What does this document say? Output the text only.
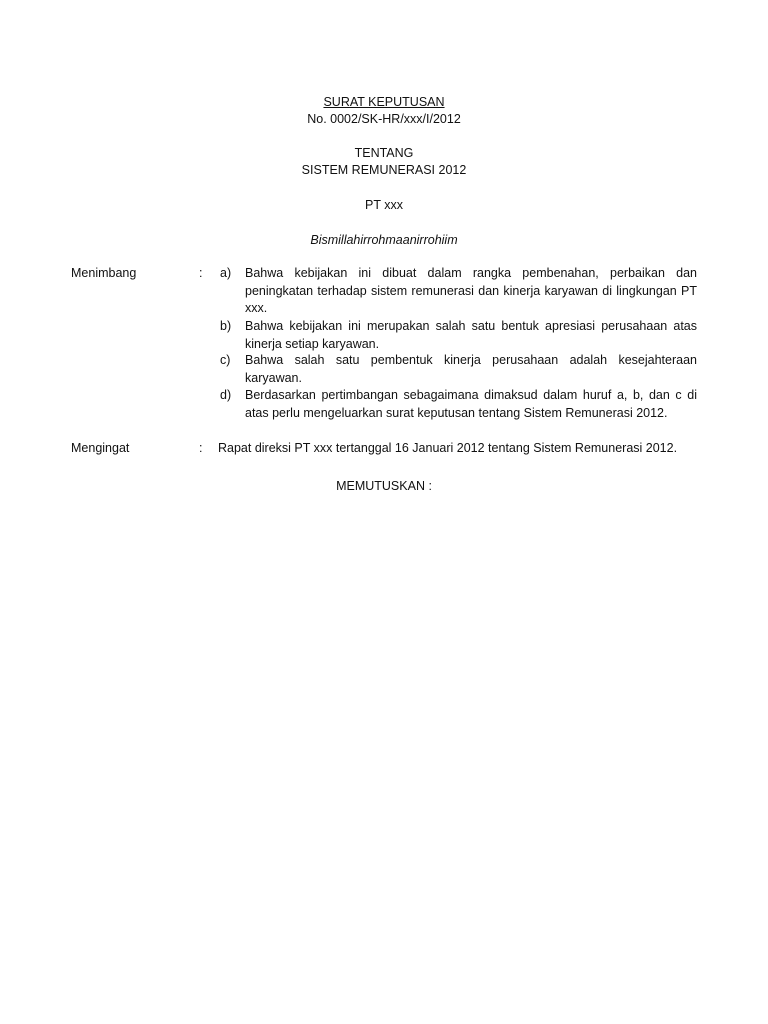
SURAT KEPUTUSAN
No. 0002/SK-HR/xxx/I/2012
TENTANG
SISTEM REMUNERASI 2012
PT xxx
Bismillahirrohmaanirrohiim
Menimbang	: a)	Bahwa kebijakan ini dibuat dalam rangka pembenahan, perbaikan dan peningkatan terhadap sistem remunerasi dan kinerja karyawan di lingkungan PT xxx.
b)	Bahwa kebijakan ini merupakan salah satu bentuk apresiasi perusahaan atas kinerja setiap karyawan.
c)	Bahwa salah satu pembentuk kinerja perusahaan adalah kesejahteraan karyawan.
d)	Berdasarkan pertimbangan sebagaimana dimaksud dalam huruf a, b, dan c di atas perlu mengeluarkan surat keputusan tentang Sistem Remunerasi 2012.
Mengingat	: Rapat direksi PT xxx tertanggal 16 Januari 2012 tentang Sistem Remunerasi 2012.
MEMUTUSKAN :
